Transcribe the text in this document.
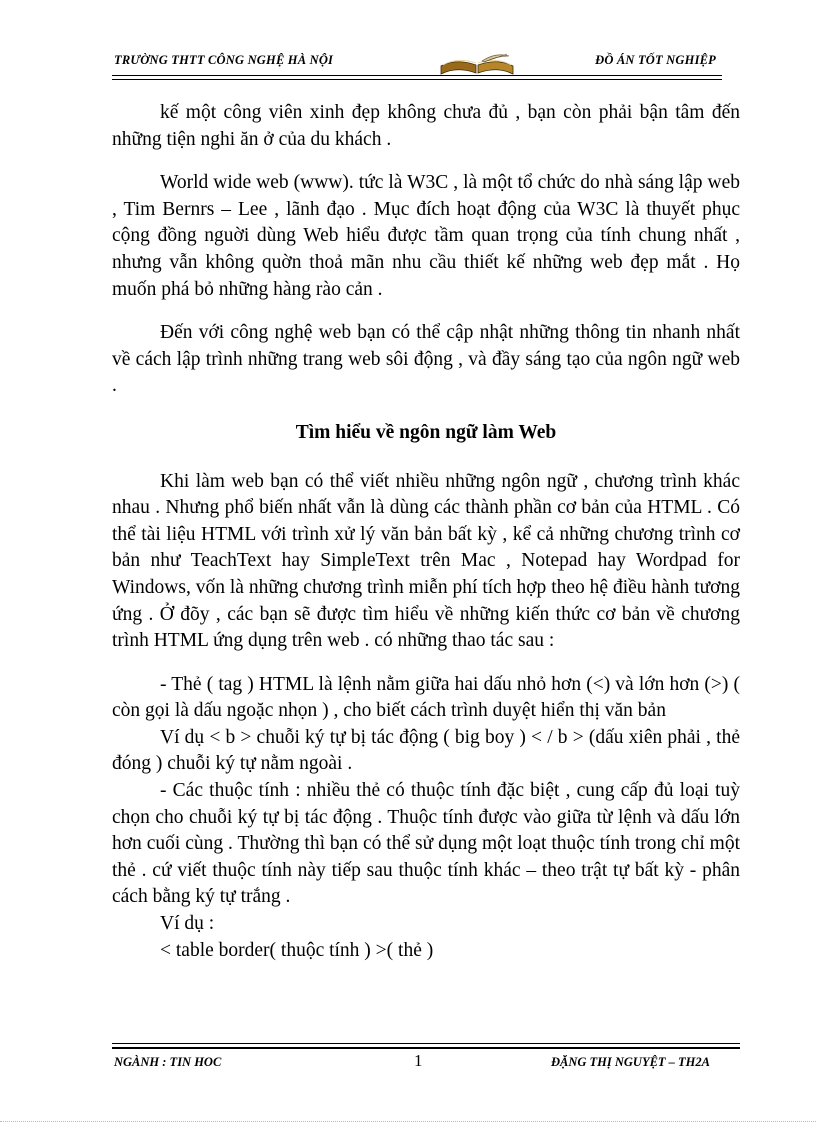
TRƯỜNG THTT CÔNG NGHỆ HÀ NỘI	ĐỒ ÁN TỐT NGHIỆP

kế một công viên xinh đẹp không chưa đủ , bạn còn phải bận tâm đến những tiện nghi ăn ở của du khách .

World wide web (www). tức là W3C , là một tổ chức do nhà sáng lập web , Tim Bernrs – Lee , lãnh đạo . Mục đích hoạt động của W3C là thuyết phục cộng đồng nguời dùng Web hiểu được tầm quan trọng của tính chung nhất , nhưng vẫn không quờn thoả mãn nhu cầu thiết kế những web đẹp mắt . Họ muốn phá bỏ những hàng rào cản .

Đến với công nghệ web bạn có thể cập nhật những thông tin nhanh nhất về cách lập trình những trang web sôi động , và đầy sáng tạo của ngôn ngữ web .

Tìm hiểu về ngôn ngữ làm Web

Khi làm web bạn có thể viết nhiều những ngôn ngữ , chương trình khác nhau . Nhưng phổ biến nhất vẫn là dùng các thành phần cơ bản của HTML . Có thể tài liệu HTML với trình xử lý văn bản bất kỳ , kể cả những chương trình cơ bản như TeachText hay SimpleText trên Mac , Notepad hay Wordpad for Windows, vốn là những chương trình miễn phí tích hợp theo hệ điều hành tương ứng . Ở đõy , các bạn sẽ được tìm hiểu về những kiến thức cơ bản về chương trình HTML ứng dụng trên web . có những thao tác sau :

- Thẻ ( tag ) HTML là lệnh nằm giữa hai dấu nhỏ hơn (<) và lớn hơn (>) ( còn gọi là dấu ngoặc nhọn ) , cho biết cách trình duyệt hiển thị văn bản

Ví dụ < b > chuỗi ký tự bị tác động ( big boy ) < / b > (dấu xiên phải , thẻ đóng ) chuỗi ký tự nằm ngoài .

- Các thuộc tính : nhiều thẻ có thuộc tính đặc biệt , cung cấp đủ loại tuỳ chọn cho chuỗi ký tự bị tác động . Thuộc tính được vào giữa từ lệnh và dấu lớn hơn cuối cùng . Thường thì bạn có thể sử dụng một loạt thuộc tính trong chỉ một thẻ . cứ viết thuộc tính này tiếp sau thuộc tính khác – theo trật tự bất kỳ - phân cách bằng ký tự trắng .

Ví dụ :

< table border( thuộc tính ) >( thẻ )

NGÀNH : TIN HOC	1	ĐẶNG THỊ NGUYỆT – TH2A
